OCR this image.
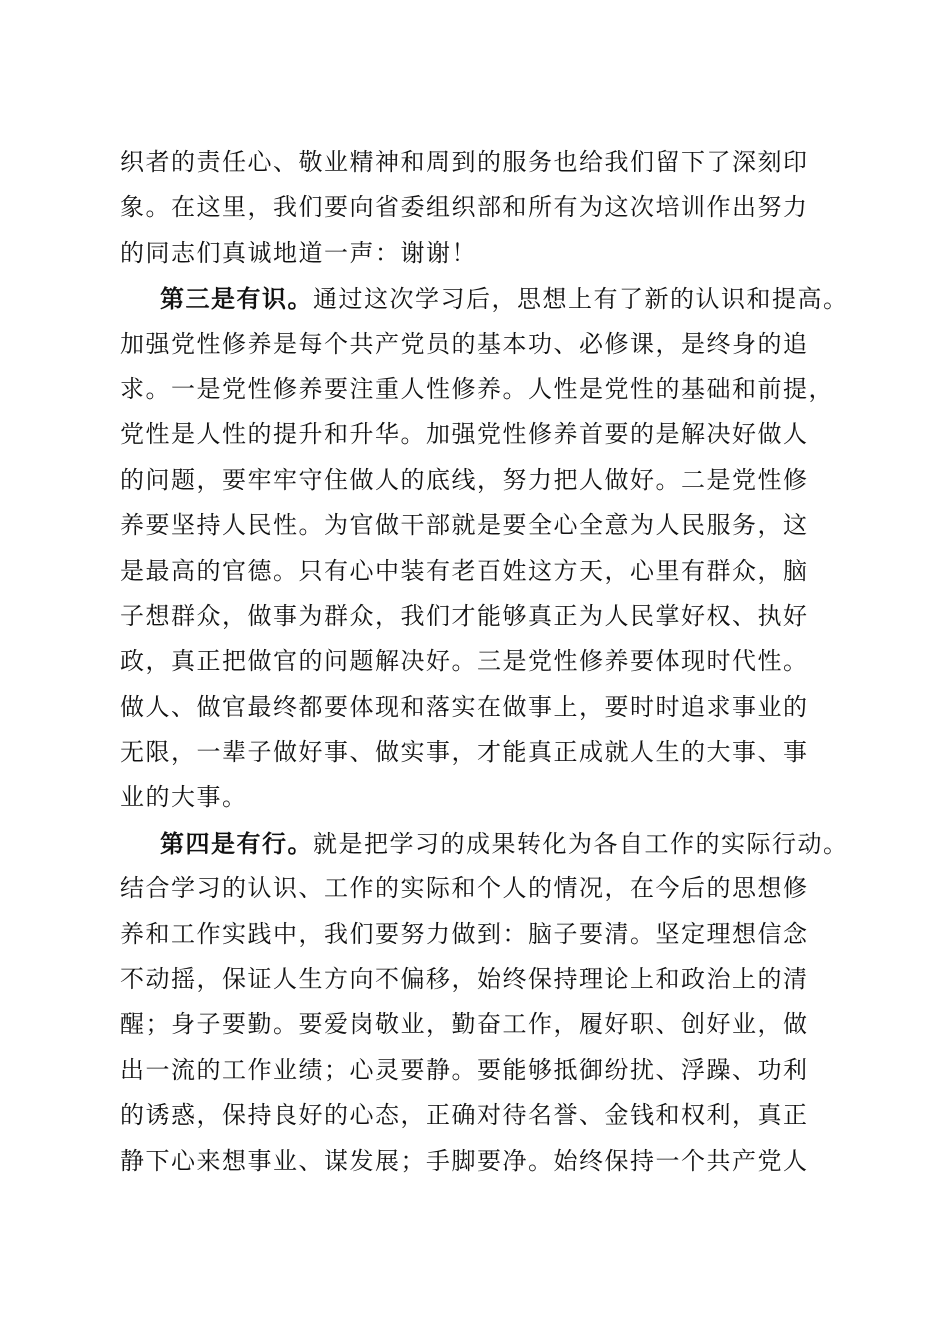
织者的责任心、敬业精神和周到的服务也给我们留下了深刻印
象。在这里，我们要向省委组织部和所有为这次培训作出努力
的同志们真诚地道一声：谢谢！
第三是有识。通过这次学习后，思想上有了新的认识和提高。
加强党性修养是每个共产党员的基本功、必修课，是终身的追
求。一是党性修养要注重人性修养。人性是党性的基础和前提，
党性是人性的提升和升华。加强党性修养首要的是解决好做人
的问题，要牢牢守住做人的底线，努力把人做好。二是党性修
养要坚持人民性。为官做干部就是要全心全意为人民服务，这
是最高的官德。只有心中装有老百姓这方天，心里有群众，脑
子想群众，做事为群众，我们才能够真正为人民掌好权、执好
政，真正把做官的问题解决好。三是党性修养要体现时代性。
做人、做官最终都要体现和落实在做事上，要时时追求事业的
无限，一辈子做好事、做实事，才能真正成就人生的大事、事
业的大事。
第四是有行。就是把学习的成果转化为各自工作的实际行动。
结合学习的认识、工作的实际和个人的情况，在今后的思想修
养和工作实践中，我们要努力做到：脑子要清。坚定理想信念
不动摇，保证人生方向不偏移，始终保持理论上和政治上的清
醒；身子要勤。要爱岗敬业，勤奋工作，履好职、创好业，做
出一流的工作业绩；心灵要静。要能够抵御纷扰、浮躁、功利
的诱惑，保持良好的心态，正确对待名誉、金钱和权利，真正
静下心来想事业、谋发展；手脚要净。始终保持一个共产党人
